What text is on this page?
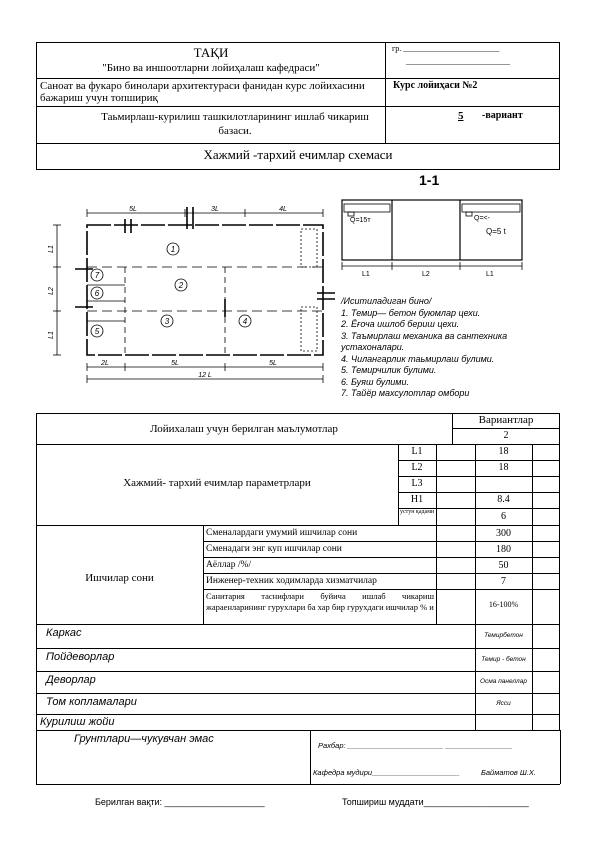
ТАҚИ
"Бино ва иншоотларни лойиҳалаш кафедраси"
гр. ________________________
__________________________
Саноат ва фукаро бинолари архитектураси фанидан курс лойихасини бажариш учун топшириқ
Курс лойиҳаси №2
Таьмирлаш-курилиш ташкилотларининг ишлаб чикариш базаси.
5	-вариант
Хажмий -тархий ечимлар схемаси
1-1
5L	3L	4L
2L	5L	5L
12 L
L1
L2
L1
1
2
3	4
5
6
7
Q=15т	Q=<-
Q=5 t
L1	L2	L1
/Иситиладиган бино/
1. Темир— бетон буюмлар цехи.
2. Ёғоча ишлоб бериш цехи.
3. Таъмирлаш механика ва сантехника устахоналари.
4. Чилангарлик таьмирлаш булими.
5. Темирчилик булими.
6. Буяш булими.
7. Тайёр махсулотлар омбори
Лойихалаш учун берилган маълумотлар
Вариантлар
2
Хажмий- тархий ечимлар параметрлари
L1	18
L2	18
L3
H1	8.4
устун қадами	6
Ишчилар сони
Сменалардаги умумий ишчилар сони	300
Сменадаги энг куп ишчилар сони	180
Аёллар /%/	50
Инженер-техник ходимларда хизматчилар	7
Санитария таснифлари буйича ишлаб чикариш жараенларининг гурухлари ба хар бир гурухдаги ишчилар % и	16-100%
Каркас	Темирбетон
Пойдеворлар	Темир - бетон
Деворлар	Осма панеллар
Том копламалари	Ясси
Курилиш жойи
Грунтлари—чукувчан эмас
Рахбар: _______________________ ________________
Кафедра мудири_____________________	Байматов Ш.Х.
Берилган вақти: ____________________	Топшириш муддати_____________________
